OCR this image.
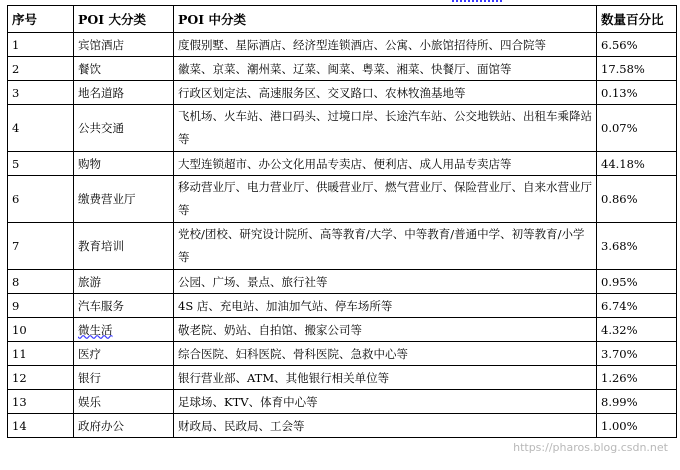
序号	POI 大分类	POI 中分类	数量百分比
1	宾馆酒店	度假别墅、星际酒店、经济型连锁酒店、公寓、小旅馆招待所、四合院等	6.56%
2	餐饮	徽菜、京菜、潮州菜、辽菜、闽菜、粤菜、湘菜、快餐厅、面馆等	17.58%
3	地名道路	行政区划定法、高速服务区、交叉路口、农林牧渔基地等	0.13%
4	公共交通	飞机场、火车站、港口码头、过境口岸、长途汽车站、公交地铁站、出租车乘降站等	0.07%
5	购物	大型连锁超市、办公文化用品专卖店、便利店、成人用品专卖店等	44.18%
6	缴费营业厅	移动营业厅、电力营业厅、供暖营业厅、燃气营业厅、保险营业厅、自来水营业厅等	0.86%
7	教育培训	党校/团校、研究设计院所、高等教育/大学、中等教育/普通中学、初等教育/小学等	3.68%
8	旅游	公园、广场、景点、旅行社等	0.95%
9	汽车服务	4S 店、充电站、加油加气站、停车场所等	6.74%
10	微生活	敬老院、奶站、自拍馆、搬家公司等	4.32%
11	医疗	综合医院、妇科医院、骨科医院、急救中心等	3.70%
12	银行	银行营业部、ATM、其他银行相关单位等	1.26%
13	娱乐	足球场、KTV、体育中心等	8.99%
14	政府办公	财政局、民政局、工会等	1.00%
https://pharos.blog.csdn.net
